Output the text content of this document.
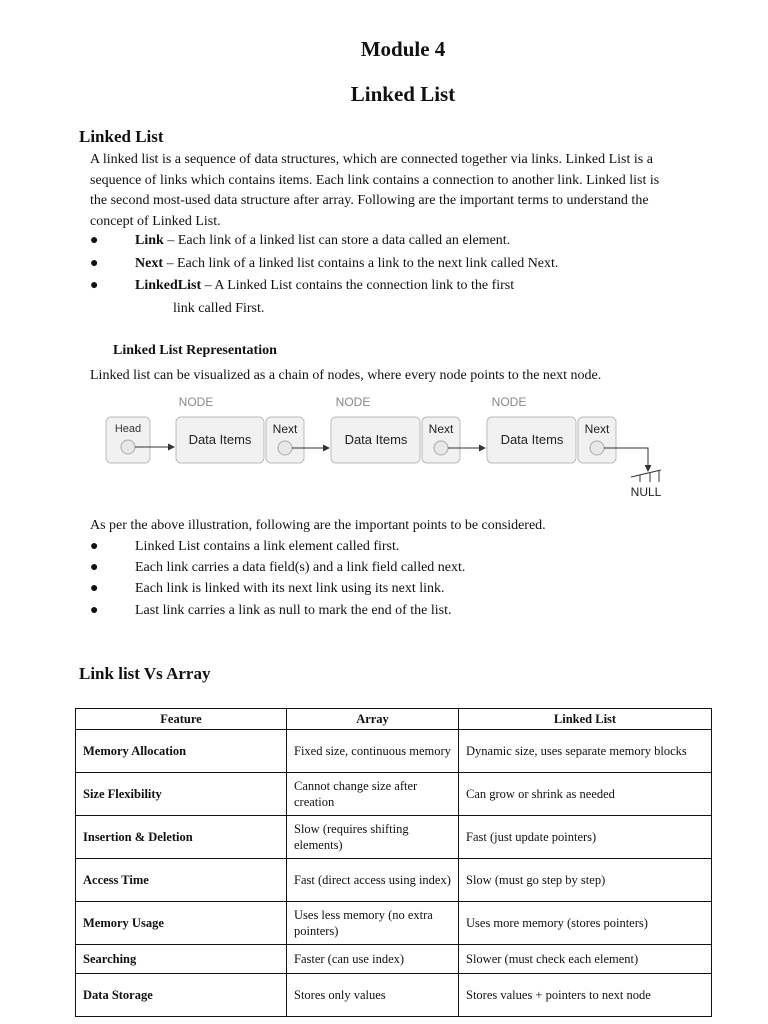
Module 4
Linked List
Linked List
A linked list is a sequence of data structures, which are connected together via links. Linked List is a
sequence of links which contains items. Each link contains a connection to another link. Linked list is
the second most-used data structure after array. Following are the important terms to understand the
concept of Linked List.
●	Link – Each link of a linked list can store a data called an element.
●	Next – Each link of a linked list contains a link to the next link called Next.
●	LinkedList – A Linked List contains the connection link to the first
link called First.
Linked List Representation
Linked list can be visualized as a chain of nodes, where every node points to the next node.
Head
NODE
Data Items
Next
NODE
Data Items
Next
NODE
Data Items
Next
NULL
As per the above illustration, following are the important points to be considered.
●	Linked List contains a link element called first.
●	Each link carries a data field(s) and a link field called next.
●	Each link is linked with its next link using its next link.
●	Last link carries a link as null to mark the end of the list.
Link list Vs Array
Feature	Array	Linked List
Memory Allocation	Fixed size, continuous memory	Dynamic size, uses separate memory blocks
Size Flexibility	Cannot change size after creation	Can grow or shrink as needed
Insertion & Deletion	Slow (requires shifting elements)	Fast (just update pointers)
Access Time	Fast (direct access using index)	Slow (must go step by step)
Memory Usage	Uses less memory (no extra pointers)	Uses more memory (stores pointers)
Searching	Faster (can use index)	Slower (must check each element)
Data Storage	Stores only values	Stores values + pointers to next node
